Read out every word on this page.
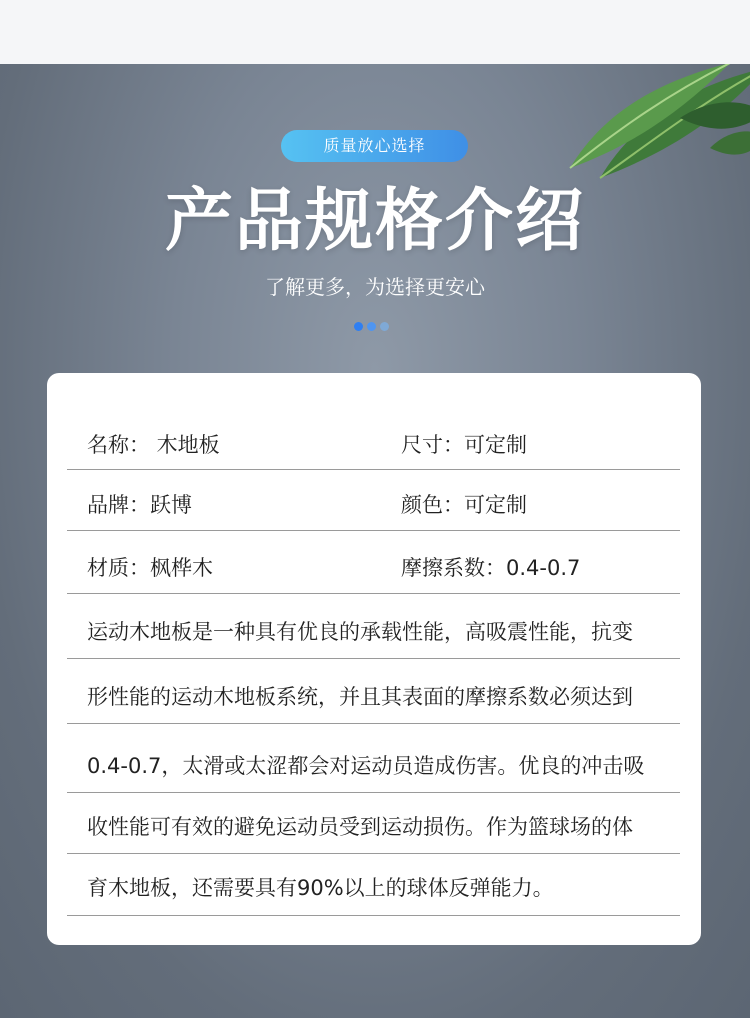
质量放心选择
产品规格介绍
了解更多，为选择更安心
名称： 木地板	尺寸：可定制
品牌：跃博	颜色：可定制
材质：枫桦木	摩擦系数：0.4-0.7
运动木地板是一种具有优良的承载性能，高吸震性能，抗变
形性能的运动木地板系统，并且其表面的摩擦系数必须达到
0.4-0.7，太滑或太涩都会对运动员造成伤害。优良的冲击吸
收性能可有效的避免运动员受到运动损伤。作为篮球场的体
育木地板，还需要具有90%以上的球体反弹能力。
